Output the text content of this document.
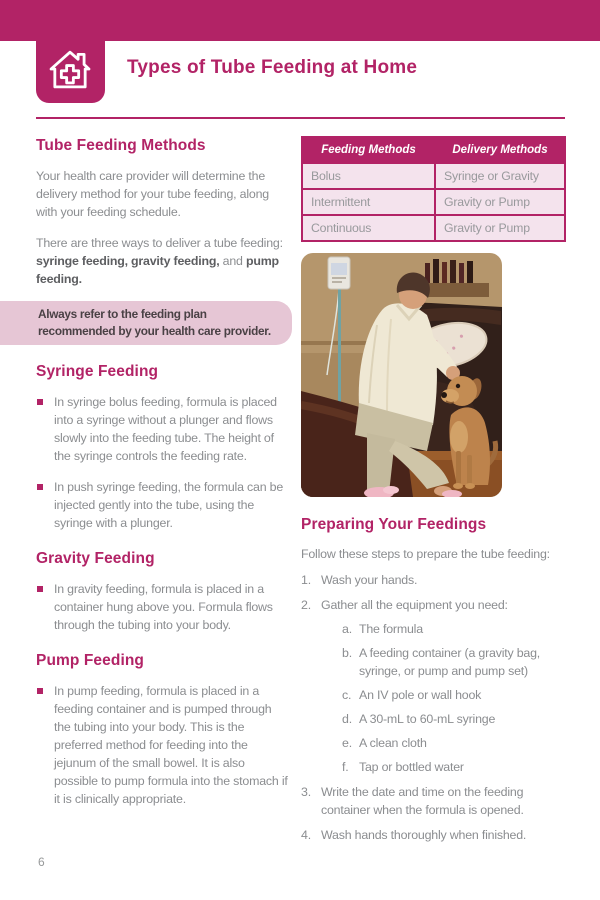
Types of Tube Feeding at Home
Tube Feeding Methods

Your health care provider will determine the delivery method for your tube feeding, along with your feeding schedule.

There are three ways to deliver a tube feeding: syringe feeding, gravity feeding, and pump feeding.

Always refer to the feeding plan
recommended by your health care provider.
Syringe Feeding
In syringe bolus feeding, formula is placed into a syringe without a plunger and flows slowly into the feeding tube. The height of the syringe controls the feeding rate.
In push syringe feeding, the formula can be injected gently into the tube, using the syringe with a plunger.
Gravity Feeding
In gravity feeding, formula is placed in a container hung above you. Formula flows through the tubing into your body.
Pump Feeding
In pump feeding, formula is placed in a feeding container and is pumped through the tubing into your body. This is the preferred method for feeding into the jejunum of the small bowel. It is also possible to pump formula into the stomach if it is clinically appropriate.
Feeding Methods	Delivery Methods
Bolus	Syringe or Gravity
Intermittent	Gravity or Pump
Continuous	Gravity or Pump
Preparing Your Feedings

Follow these steps to prepare the tube feeding:

1. Wash your hands.
2. Gather all the equipment you need:
a. The formula
b. A feeding container (a gravity bag, syringe, or pump and pump set)
c. An IV pole or wall hook
d. A 30-mL to 60-mL syringe
e. A clean cloth
f. Tap or bottled water
3. Write the date and time on the feeding container when the formula is opened.
4. Wash hands thoroughly when finished.
6
